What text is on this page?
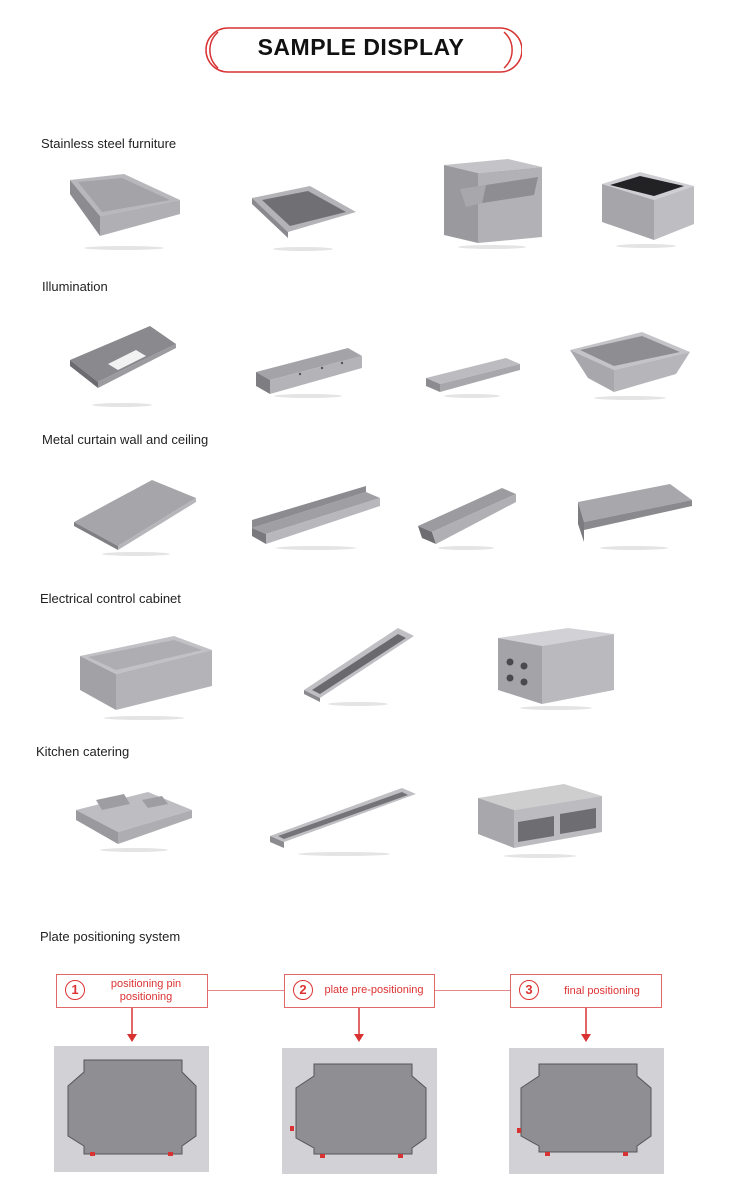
SAMPLE DISPLAY
Stainless steel furniture
Illumination
Metal curtain wall and ceiling
Electrical control cabinet
Kitchen catering
Plate positioning system
1	positioning pin positioning	2	plate pre-positioning	3	final positioning
